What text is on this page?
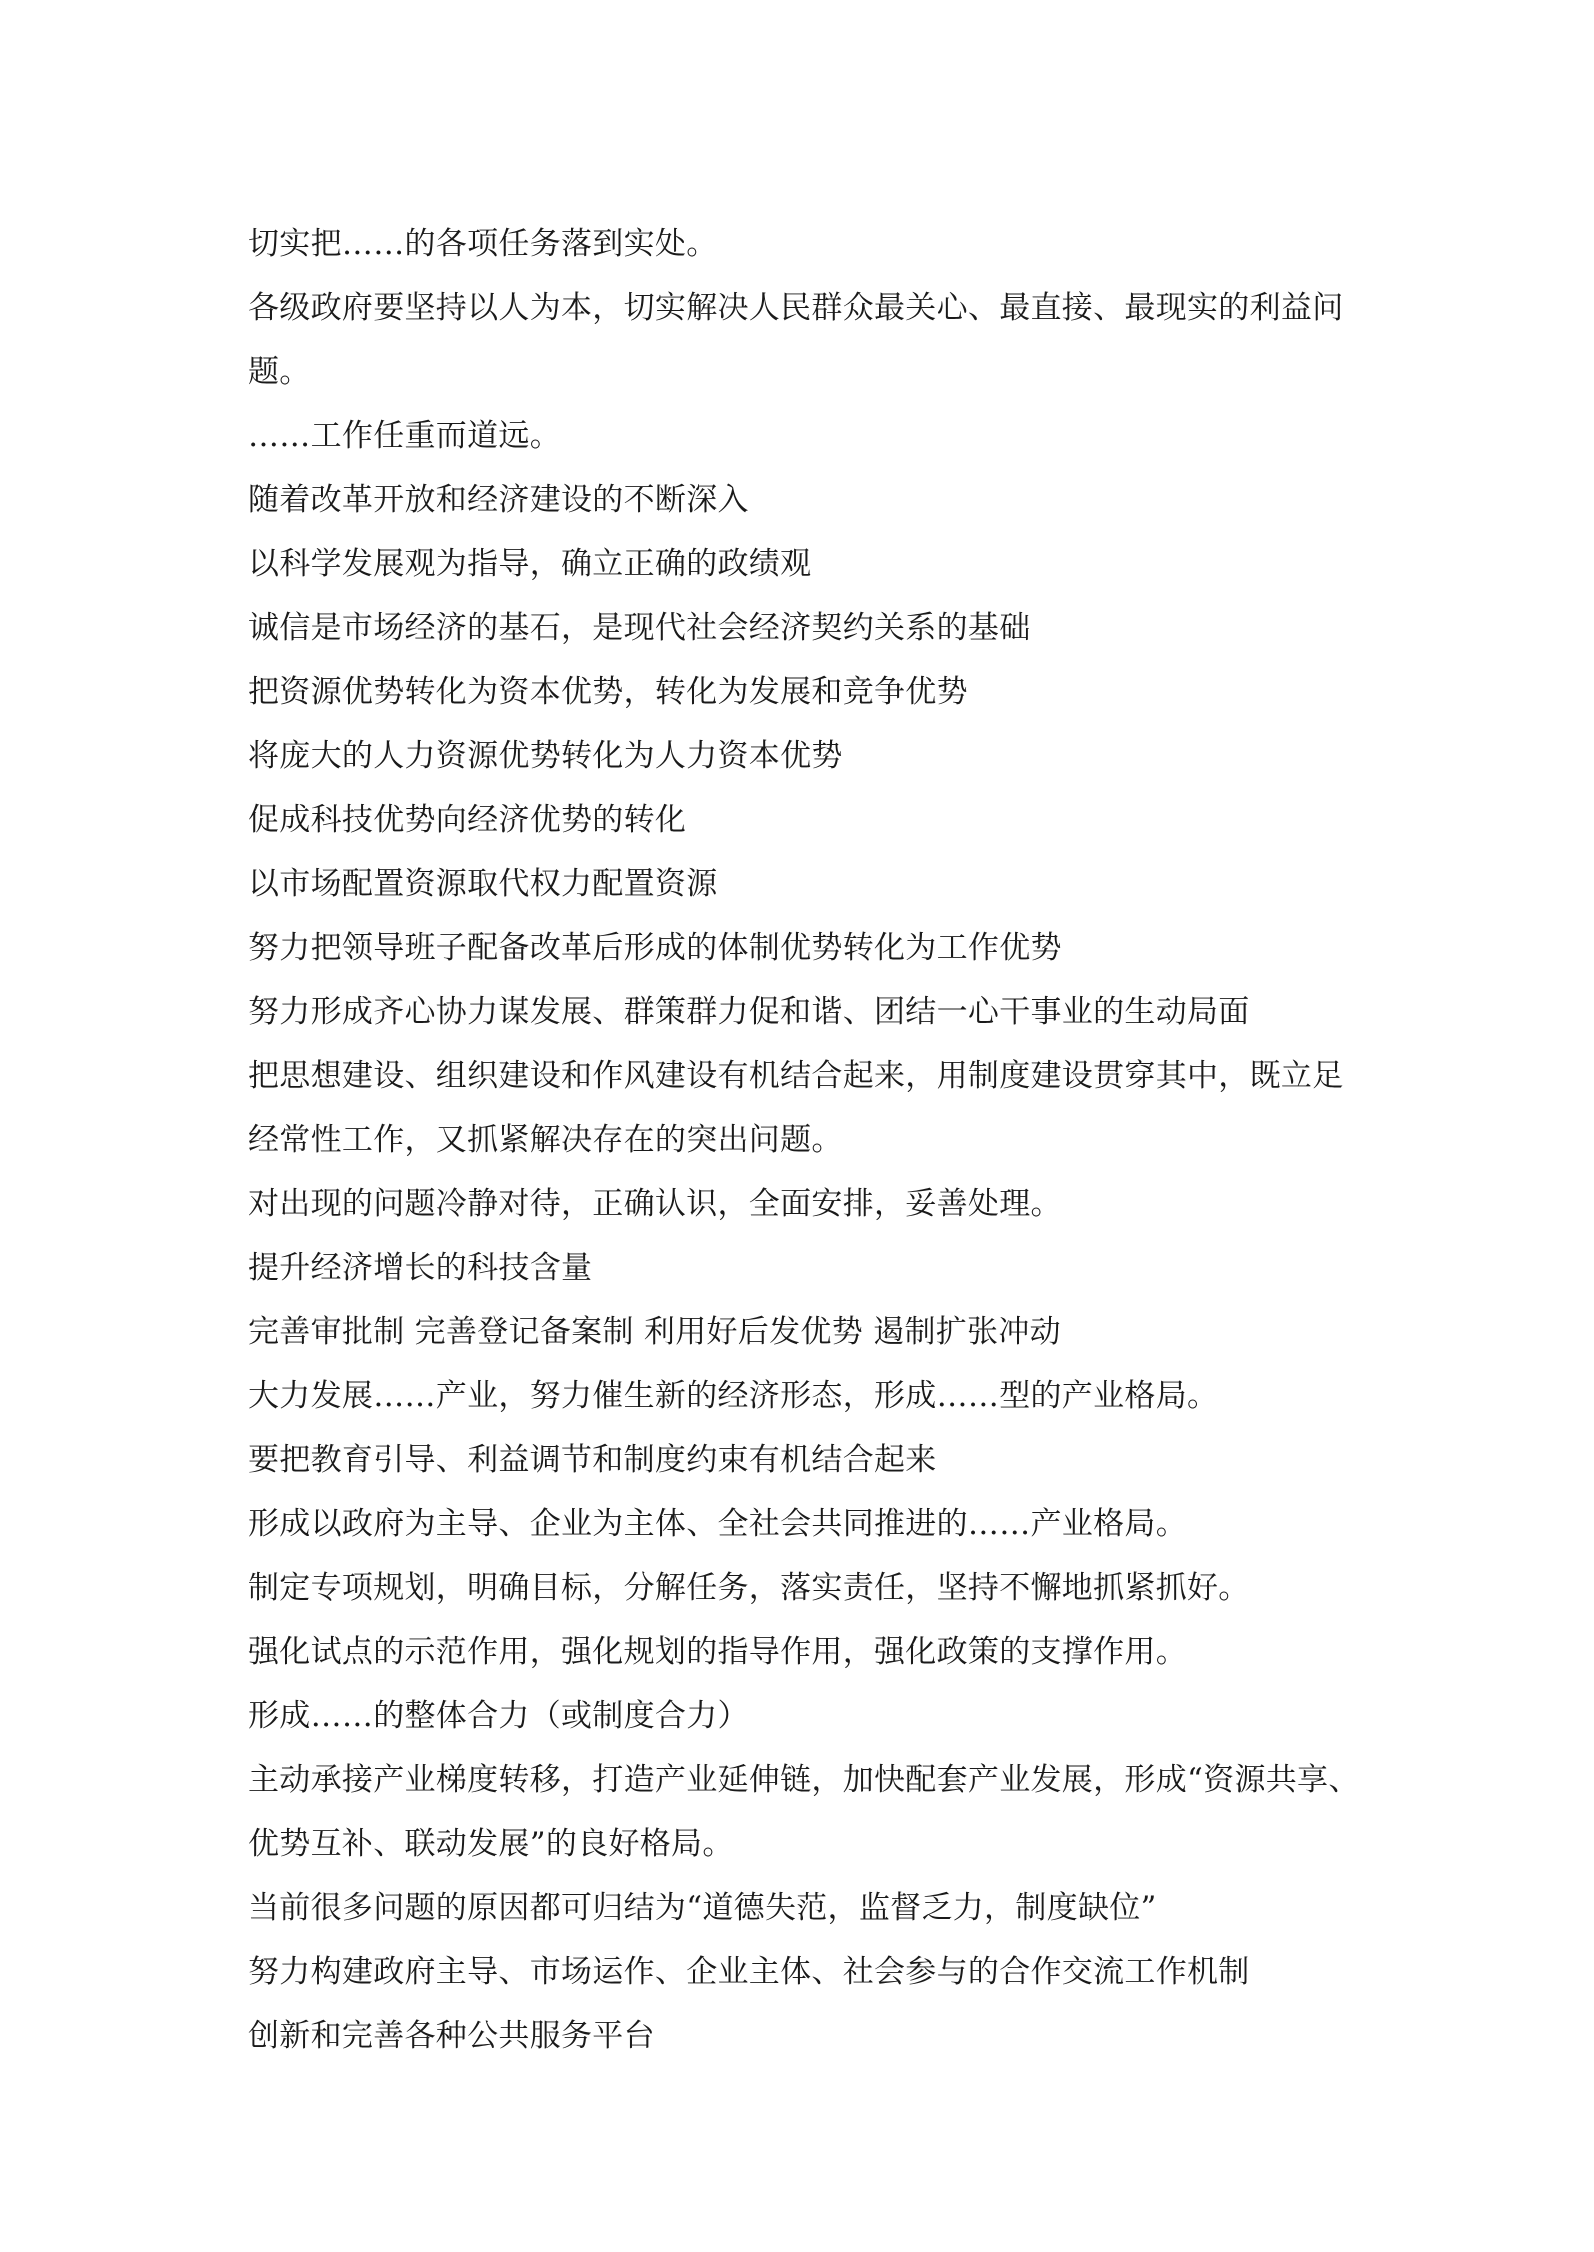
切实把……的各项任务落到实处。
各级政府要坚持以人为本，切实解决人民群众最关心、最直接、最现实的利益问
题。
……工作任重而道远。
随着改革开放和经济建设的不断深入
以科学发展观为指导，确立正确的政绩观
诚信是市场经济的基石，是现代社会经济契约关系的基础
把资源优势转化为资本优势，转化为发展和竞争优势
将庞大的人力资源优势转化为人力资本优势
促成科技优势向经济优势的转化
以市场配置资源取代权力配置资源
努力把领导班子配备改革后形成的体制优势转化为工作优势
努力形成齐心协力谋发展、群策群力促和谐、团结一心干事业的生动局面
把思想建设、组织建设和作风建设有机结合起来，用制度建设贯穿其中，既立足
经常性工作，又抓紧解决存在的突出问题。
对出现的问题冷静对待，正确认识，全面安排，妥善处理。
提升经济增长的科技含量
完善审批制 完善登记备案制 利用好后发优势 遏制扩张冲动
大力发展……产业，努力催生新的经济形态，形成……型的产业格局。
要把教育引导、利益调节和制度约束有机结合起来
形成以政府为主导、企业为主体、全社会共同推进的……产业格局。
制定专项规划，明确目标，分解任务，落实责任，坚持不懈地抓紧抓好。
强化试点的示范作用，强化规划的指导作用，强化政策的支撑作用。
形成……的整体合力（或制度合力）
主动承接产业梯度转移，打造产业延伸链，加快配套产业发展，形成“资源共享、
优势互补、联动发展”的良好格局。
当前很多问题的原因都可归结为“道德失范，监督乏力，制度缺位”
努力构建政府主导、市场运作、企业主体、社会参与的合作交流工作机制
创新和完善各种公共服务平台
